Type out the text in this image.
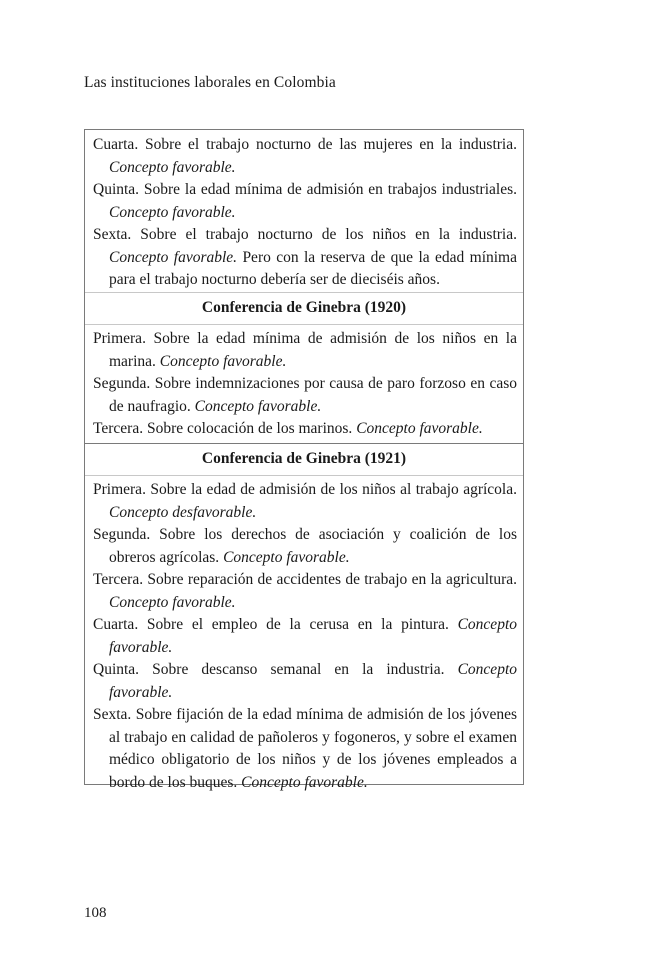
Las instituciones laborales en Colombia
Cuarta. Sobre el trabajo nocturno de las mujeres en la industria. Concepto favorable.
Quinta. Sobre la edad mínima de admisión en trabajos industriales. Concepto favorable.
Sexta. Sobre el trabajo nocturno de los niños en la industria. Concepto favorable. Pero con la reserva de que la edad mínima para el trabajo nocturno debería ser de dieciséis años.
Conferencia de Ginebra (1920)
Primera. Sobre la edad mínima de admisión de los niños en la marina. Concepto favorable.
Segunda. Sobre indemnizaciones por causa de paro forzoso en caso de naufragio. Concepto favorable.
Tercera. Sobre colocación de los marinos. Concepto favorable.
Conferencia de Ginebra (1921)
Primera. Sobre la edad de admisión de los niños al trabajo agrícola. Concepto desfavorable.
Segunda. Sobre los derechos de asociación y coalición de los obreros agrícolas. Concepto favorable.
Tercera. Sobre reparación de accidentes de trabajo en la agricultura. Concepto favorable.
Cuarta. Sobre el empleo de la cerusa en la pintura. Concepto favorable.
Quinta. Sobre descanso semanal en la industria. Concepto favorable.
Sexta. Sobre fijación de la edad mínima de admisión de los jóvenes al trabajo en calidad de pañoleros y fogoneros, y sobre el examen médico obligatorio de los niños y de los jóvenes empleados a bordo de los buques. Concepto favorable.
108
